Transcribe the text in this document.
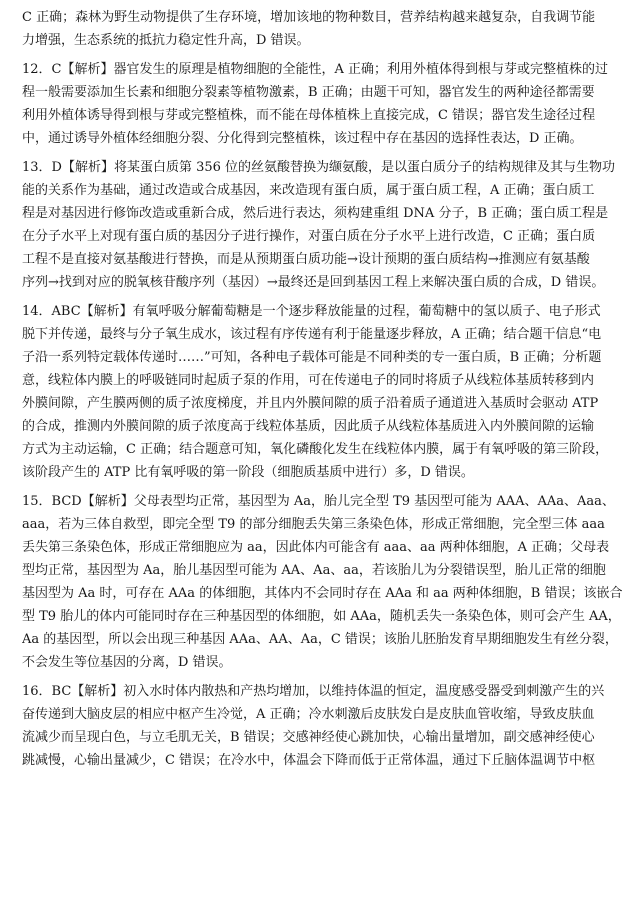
C 正确；森林为野生动物提供了生存环境，增加该地的物种数目，营养结构越来越复杂，自我调节能
力增强，生态系统的抵抗力稳定性升高，D 错误。
12．C【解析】器官发生的原理是植物细胞的全能性，A 正确；利用外植体得到根与芽或完整植株的过
程一般需要添加生长素和细胞分裂素等植物激素，B 正确；由题干可知，器官发生的两种途径都需要
利用外植体诱导得到根与芽或完整植株，而不能在母体植株上直接完成，C 错误；器官发生途径过程
中，通过诱导外植体经细胞分裂、分化得到完整植株，该过程中存在基因的选择性表达，D 正确。
13．D【解析】将某蛋白质第 356 位的丝氨酸替换为缬氨酸，是以蛋白质分子的结构规律及其与生物功
能的关系作为基础，通过改造或合成基因，来改造现有蛋白质，属于蛋白质工程，A 正确；蛋白质工
程是对基因进行修饰改造或重新合成，然后进行表达，须构建重组 DNA 分子，B 正确；蛋白质工程是
在分子水平上对现有蛋白质的基因分子进行操作，对蛋白质在分子水平上进行改造，C 正确；蛋白质
工程不是直接对氨基酸进行替换，而是从预期蛋白质功能→设计预期的蛋白质结构→推测应有氨基酸
序列→找到对应的脱氧核苷酸序列（基因）→最终还是回到基因工程上来解决蛋白质的合成，D 错误。
14．ABC【解析】有氧呼吸分解葡萄糖是一个逐步释放能量的过程，葡萄糖中的氢以质子、电子形式
脱下并传递，最终与分子氧生成水，该过程有序传递有利于能量逐步释放，A 正确；结合题干信息“电
子沿一系列特定载体传递时……”可知，各种电子载体可能是不同种类的专一蛋白质，B 正确；分析题
意，线粒体内膜上的呼吸链同时起质子泵的作用，可在传递电子的同时将质子从线粒体基质转移到内
外膜间隙，产生膜两侧的质子浓度梯度，并且内外膜间隙的质子沿着质子通道进入基质时会驱动 ATP
的合成，推测内外膜间隙的质子浓度高于线粒体基质，因此质子从线粒体基质进入内外膜间隙的运输
方式为主动运输，C 正确；结合题意可知，氧化磷酸化发生在线粒体内膜，属于有氧呼吸的第三阶段，
该阶段产生的 ATP 比有氧呼吸的第一阶段（细胞质基质中进行）多，D 错误。
15．BCD【解析】父母表型均正常，基因型为 Aa，胎儿完全型 T9 基因型可能为 AAA、AAa、Aaa、
aaa，若为三体自救型，即完全型 T9 的部分细胞丢失第三条染色体，形成正常细胞，完全型三体 aaa
丢失第三条染色体，形成正常细胞应为 aa，因此体内可能含有 aaa、aa 两种体细胞，A 正确；父母表
型均正常，基因型为 Aa，胎儿基因型可能为 AA、Aa、aa，若该胎儿为分裂错误型，胎儿正常的细胞
基因型为 Aa 时，可存在 AAa 的体细胞，其体内不会同时存在 AAa 和 aa 两种体细胞，B 错误；该嵌合
型 T9 胎儿的体内可能同时存在三种基因型的体细胞，如 AAa，随机丢失一条染色体，则可会产生 AA，
Aa 的基因型，所以会出现三种基因 AAa、AA、Aa，C 错误；该胎儿胚胎发育早期细胞发生有丝分裂，
不会发生等位基因的分离，D 错误。
16．BC【解析】初入水时体内散热和产热均增加，以维持体温的恒定，温度感受器受到刺激产生的兴
奋传递到大脑皮层的相应中枢产生冷觉，A 正确；冷水刺激后皮肤发白是皮肤血管收缩，导致皮肤血
流减少而呈现白色，与立毛肌无关，B 错误；交感神经使心跳加快，心输出量增加，副交感神经使心
跳减慢，心输出量减少，C 错误；在冷水中，体温会下降而低于正常体温，通过下丘脑体温调节中枢
